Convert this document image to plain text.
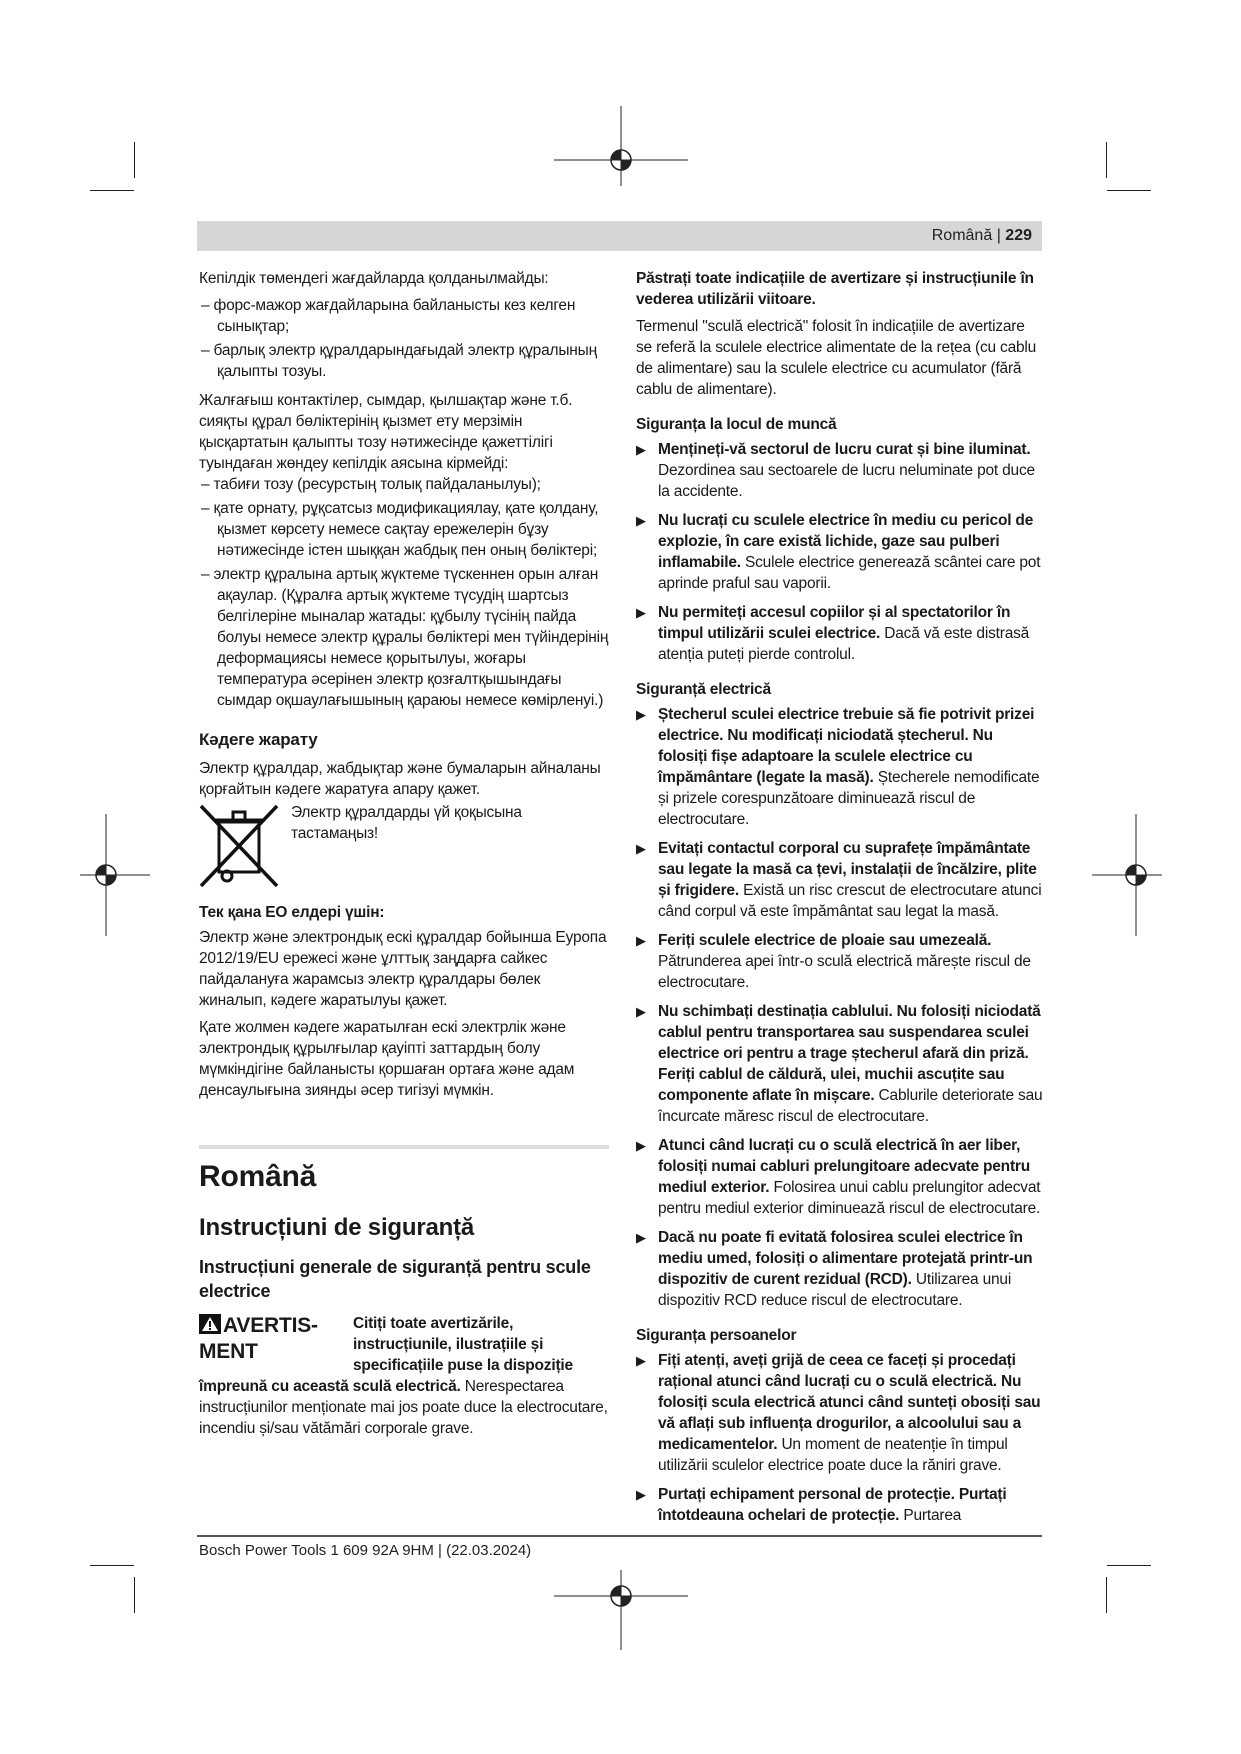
Română | 229

Кепілдік төмендегі жағдайларда қолданылмайды:

– форс-мажор жағдайларына байланысты кез келген сынықтар;

– барлық электр құралдарындағыдай электр құралының қалыпты тозуы.

Жалғағыш контактілер, сымдар, қылшақтар және т.б. сияқты құрал бөліктерінің қызмет ету мерзімін қысқартатын қалыпты тозу нәтижесінде қажеттілігі туындаған жөндеу кепілдік аясына кірмейді:

– табиғи тозу (ресурстың толық пайдаланылуы);

– қате орнату, рұқсатсыз модификациялау, қате қолдану, қызмет көрсету немесе сақтау ережелерін бұзу нәтижесінде істен шыққан жабдық пен оның бөліктері;

– электр құралына артық жүктеме түскеннен орын алған ақаулар. (Құралға артық жүктеме түсудің шартсыз белгілеріне мыналар жатады: құбылу түсінің пайда болуы немесе электр құралы бөліктері мен түйіндерінің деформациясы немесе қорытылуы, жоғары температура әсерінен электр қозғалтқышындағы сымдар оқшаулағышының қараюы немесе көмірленуі.)

Кәдеге жарату

Электр құралдар, жабдықтар және бумаларын айналаны қорғайтын кәдеге жаратуға апару қажет.

Электр құралдарды үй қоқысына тастамаңыз!
Тек қана ЕО елдері үшін:

Электр және электрондық ескі құралдар бойынша Еуропа 2012/19/EU ережесі және ұлттық заңдарға сайкес пайдалануға жарамсыз электр құралдары бөлек жиналып, кәдеге жаратылуы қажет.

Қате жолмен кәдеге жаратылған ескі электрлік және электрондық құрылғылар қауіпті заттардың болу мүмкіндігіне байланысты қоршаған ортаға және адам денсаулығына зиянды әсер тигізуі мүмкін.

Română
Instrucțiuni de siguranță
Instrucțiuni generale de siguranță pentru scule electrice
AVERTIS-MENT
Citiți toate avertizările, instrucțiunile, ilustrațiile și specificațiile puse la dispoziție împreună cu această sculă electrică. Nerespectarea instrucțiunilor menționate mai jos poate duce la electrocutare, incendiu și/sau vătămări corporale grave.

Păstrați toate indicațiile de avertizare și instrucțiunile în vederea utilizării viitoare.

Termenul "sculă electrică" folosit în indicațiile de avertizare se referă la sculele electrice alimentate de la rețea (cu cablu de alimentare) sau la sculele electrice cu acumulator (fără cablu de alimentare).

Siguranța la locul de muncă
▶ Mențineți-vă sectorul de lucru curat și bine iluminat. Dezordinea sau sectoarele de lucru neluminate pot duce la accidente.
▶ Nu lucrați cu sculele electrice în mediu cu pericol de explozie, în care există lichide, gaze sau pulberi inflamabile. Sculele electrice generează scântei care pot aprinde praful sau vaporii.
▶ Nu permiteți accesul copiilor și al spectatorilor în timpul utilizării sculei electrice. Dacă vă este distrasă atenția puteți pierde controlul.
Siguranță electrică
▶ Ștecherul sculei electrice trebuie să fie potrivit prizei electrice. Nu modificați niciodată ștecherul. Nu folosiți fișe adaptoare la sculele electrice cu împământare (legate la masă). Ștecherele nemodificate și prizele corespunzătoare diminuează riscul de electrocutare.
▶ Evitați contactul corporal cu suprafețe împământate sau legate la masă ca țevi, instalații de încălzire, plite și frigidere. Există un risc crescut de electrocutare atunci când corpul vă este împământat sau legat la masă.
▶ Feriți sculele electrice de ploaie sau umezeală. Pătrunderea apei într-o sculă electrică mărește riscul de electrocutare.
▶ Nu schimbați destinația cablului. Nu folosiți niciodată cablul pentru transportarea sau suspendarea sculei electrice ori pentru a trage ștecherul afară din priză. Feriți cablul de căldură, ulei, muchii ascuțite sau componente aflate în mișcare. Cablurile deteriorate sau încurcate măresc riscul de electrocutare.
▶ Atunci când lucrați cu o sculă electrică în aer liber, folosiți numai cabluri prelungitoare adecvate pentru mediul exterior. Folosirea unui cablu prelungitor adecvat pentru mediul exterior diminuează riscul de electrocutare.
▶ Dacă nu poate fi evitată folosirea sculei electrice în mediu umed, folosiți o alimentare protejată printr-un dispozitiv de curent rezidual (RCD). Utilizarea unui dispozitiv RCD reduce riscul de electrocutare.
Siguranța persoanelor
▶ Fiți atenți, aveți grijă de ceea ce faceți și procedați rațional atunci când lucrați cu o sculă electrică. Nu folosiți scula electrică atunci când sunteți obosiți sau vă aflați sub influența drogurilor, a alcoolului sau a medicamentelor. Un moment de neatenție în timpul utilizării sculelor electrice poate duce la răniri grave.
▶ Purtați echipament personal de protecție. Purtați întotdeauna ochelari de protecție. Purtarea
Bosch Power Tools 1 609 92A 9HM | (22.03.2024)
